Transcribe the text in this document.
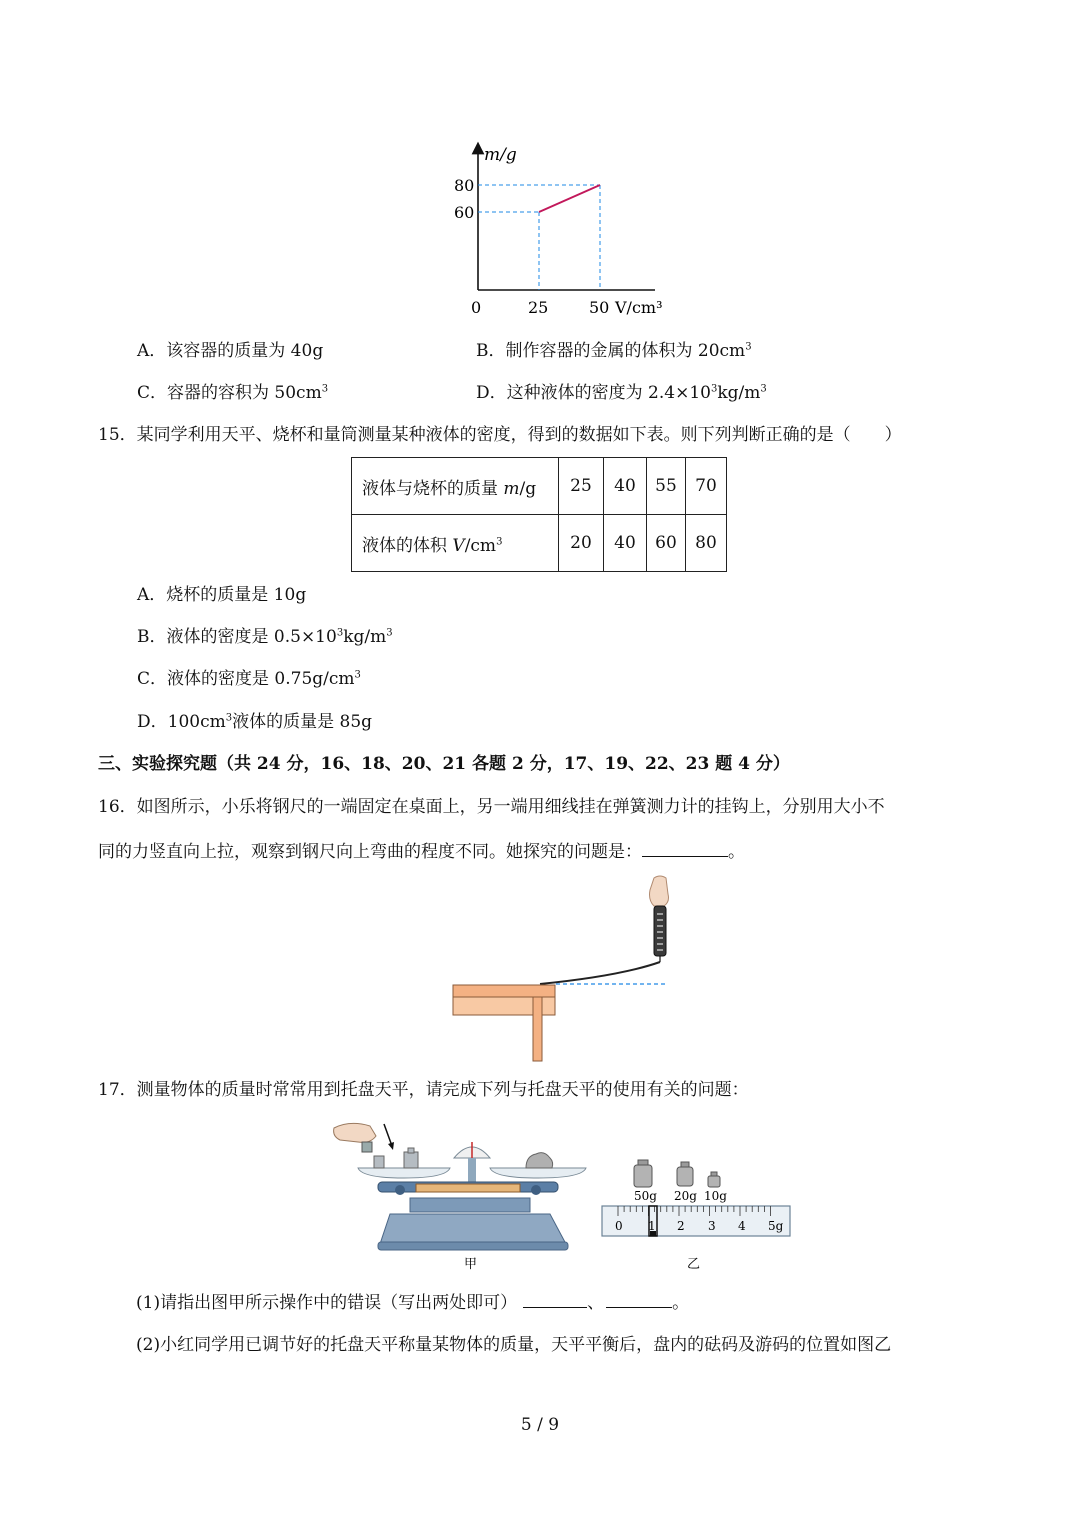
m/g
80
60
0	25	50 V/cm³
A．该容器的质量为 40g	B．制作容器的金属的体积为 $20cm^3$
C．容器的容积为 $50cm^3$	D．这种液体的密度为 $2.4\times 10^3kg/m^3$
15．某同学利用天平、烧杯和量筒测量某种液体的密度，得到的数据如下表。则下列判断正确的是（　　）
液体与烧杯的质量 m/g	25	40	55	70
液体的体积 $V/cm^3$	20	40	60	80
A．烧杯的质量是 10g
B．液体的密度是 $0.5\times 10^3kg/m^3$
C．液体的密度是 $0.75g/cm^3$
D．$100cm^3$液体的质量是 85g
三、实验探究题（共 24 分，16、18、20、21 各题 2 分，17、19、22、23 题 4 分）
16．如图所示，小乐将钢尺的一端固定在桌面上，另一端用细线挂在弹簧测力计的挂钩上，分别用大小不
同的力竖直向上拉，观察到钢尺向上弯曲的程度不同。她探究的问题是：	。
17．测量物体的质量时常常用到托盘天平，请完成下列与托盘天平的使用有关的问题：
甲
50g 20g 10g
0 1 2 3 4 5g
乙
(1)请指出图甲所示操作中的错误（写出两处即可）	、	。
(2)小红同学用已调节好的托盘天平称量某物体的质量，天平平衡后，盘内的砝码及游码的位置如图乙
5 / 9
